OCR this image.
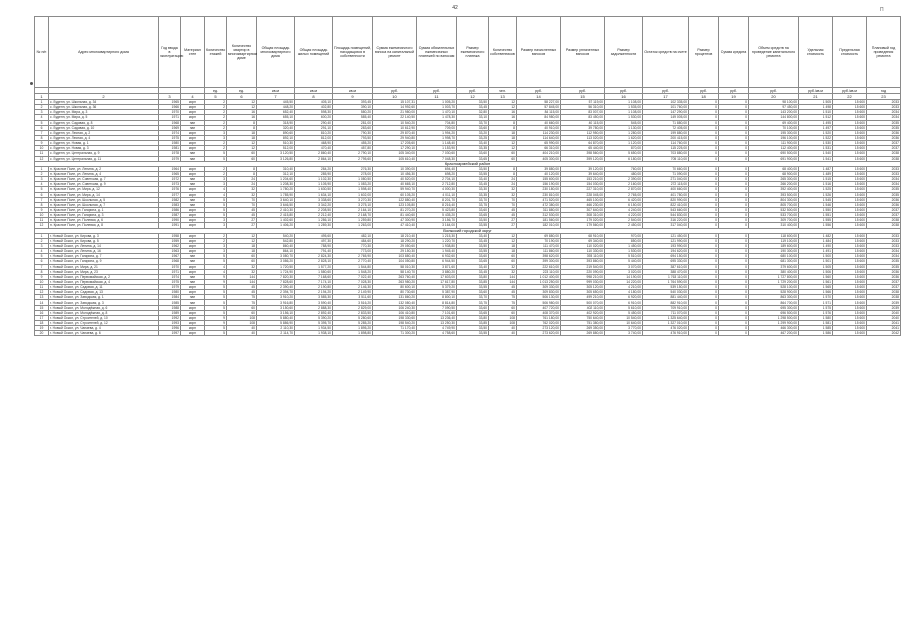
42	П
№ п/п	Адрес многоквартирного дома	Год ввода в эксплуатацию	Материал стен	Количество этажей	Количество квартир в многоквартирном доме	Общая площадь многоквартирного дома	Общая площадь жилых помещений	Площадь помещений, находящихся в собственности	Сумма ежемесячного взноса на капитальный ремонт	Сумма обязательных ежемесячных платежей по взносам	Размер ежемесячного платежа	Количество собственников	Размер начисленных взносов	Размер уплаченных взносов	Размер задолженности	Остаток средств на счете	Размер процентов	Сумма кредита	Объем средств на проведение капитального ремонта	Удельная стоимость	Предельная стоимость	Плановый год проведения ремонта
				ед.	ед.	кв.м	кв.м	кв.м	руб.	руб.	руб.	чел.	руб.	руб.	руб.	руб.	руб.	руб.	руб.	руб./кв.м	руб./кв.м	год
1	2	3	4	5	6	7	8	9	10	11	12	13	14	15	16	17	18	19	20	21	22	23
1	с. Буденн, ул. Школьная, д. 34	1965	кирп	2	12	445,50	405,10	393,45	15 107,31	1 005,20	33,50	12	58 227,00	57 119,00	1 108,00	102 335,00	0	0	98 100,00	1 505	15 600	2033
2	с. Буденн, ул. Школьная, д. 36	1966	кирп	2	12	448,20	402,80	390,10	14 992,60	1 003,70	33,45	12	57 845,00	56 310,00	1 535,00	101 760,00	0	0	97 450,00	1 498	15 600	2033
3	с. Буденн, ул. Мира, д. 3	1970	кирп	2	16	652,40	598,30	580,20	21 980,00	1 470,10	32,80	16	84 115,00	83 007,00	1 108,00	147 290,00	0	0	143 200,00	1 510	15 600	2034
4	с. Буденн, ул. Мира, д. 5	1971	кирп	2	16	655,10	600,20	585,40	22 140,50	1 478,30	33,10	16	84 980,00	83 450,00	1 530,00	149 005,00	0	0	144 800,00	1 512	15 600	2034
5	с. Буденн, ул. Садовая, д. 8	1968	пан	2	8	318,90	290,40	281,00	10 540,20	704,80	33,70	8	40 660,00	40 115,00	545,00	71 880,00	0	0	69 400,00	1 495	15 600	2035
6	с. Буденн, ул. Садовая, д. 10	1969	пан	2	8	320,40	291,10	283,60	10 612,90	709,00	33,60	8	40 910,00	39 780,00	1 130,00	72 405,00	0	0	70 100,00	1 497	15 600	2035
7	с. Буденн, ул. Лесная, д. 2	1974	кирп	3	18	890,60	810,20	790,30	29 870,40	1 994,20	33,20	18	114 230,00	112 950,00	1 280,00	199 880,00	0	0	195 300,00	1 520	15 600	2036
8	с. Буденн, ул. Лесная, д. 4	1975	кирп	3	18	892,10	812,00	793,50	29 940,80	1 998,70	33,25	18	114 640,00	113 020,00	1 620,00	200 415,00	0	0	196 100,00	1 522	15 600	2036
9	с. Буденн, ул. Новая, д. 1	1980	кирп	2	12	510,30	468,90	455,20	17 205,60	1 148,40	33,40	12	65 990,00	64 870,00	1 120,00	114 760,00	0	0	111 900,00	1 530	15 600	2037
10	с. Буденн, ул. Новая, д. 3	1981	кирп	2	12	512,00	470,40	457,80	17 290,10	1 153,90	33,35	12	66 310,00	65 440,00	870,00	115 225,00	0	0	112 400,00	1 531	15 600	2037
11	с. Буденн, ул. Центральная, д. 9	1978	пан	5	60	3 120,50	2 860,40	2 790,10	105 340,00	7 030,60	33,60	60	404 210,00	398 560,00	5 650,00	703 880,00	0	0	690 500,00	1 540	15 600	2038
12	с. Буденн, ул. Центральная, д. 11	1979	пан	5	60	3 126,80	2 864,10	2 795,60	105 610,40	7 048,30	33,65	60	405 300,00	399 120,00	6 180,00	705 110,00	0	0	691 900,00	1 541	15 600	2038
Красноармейский район																						
1	п. Красное Поле, ул. Ленина, д. 2	1964	кирп	2	8	310,40	284,20	276,30	10 390,00	694,40	33,50	8	39 880,00	39 120,00	760,00	70 660,00	0	0	68 400,00	1 487	15 600	2033
2	п. Красное Поле, ул. Ленина, д. 4	1965	кирп	2	8	312,10	285,90	278,00	10 456,30	698,20	33,55	8	40 120,00	39 640,00	480,00	71 090,00	0	0	68 900,00	1 489	15 600	2033
3	п. Красное Поле, ул. Советская, д. 7	1972	пан	3	24	1 204,60	1 102,30	1 080,50	40 520,00	2 704,10	33,40	24	155 600,00	153 210,00	2 390,00	271 040,00	0	0	265 300,00	1 515	15 600	2034
4	п. Красное Поле, ул. Советская, д. 9	1973	пан	3	24	1 208,30	1 105,90	1 083,20	40 665,10	2 712,80	33,45	24	156 190,00	154 030,00	2 160,00	272 115,00	0	0	266 200,00	1 516	15 600	2034
5	п. Красное Поле, ул. Мира, д. 12	1976	кирп	4	32	1 780,20	1 630,50	1 598,40	59 940,70	4 000,30	33,30	32	230 180,00	227 310,00	2 870,00	400 660,00	0	0	392 400,00	1 525	15 600	2035
6	п. Красное Поле, ул. Мира, д. 14	1977	кирп	4	32	1 785,90	1 634,10	1 602,00	60 105,20	4 011,10	33,35	32	230 810,00	228 045,00	2 765,00	401 780,00	0	0	393 500,00	1 526	15 600	2035
7	п. Красное Поле, ул. Школьная, д. 5	1982	пан	5	70	3 640,10	3 338,60	3 270,30	122 880,40	8 201,70	33,70	70	471 520,00	465 100,00	6 420,00	820 990,00	0	0	804 300,00	1 545	15 600	2036
8	п. Красное Поле, ул. Школьная, д. 7	1983	пан	5	70	3 646,50	3 342,20	3 275,10	123 105,80	8 216,40	33,75	70	472 380,00	466 230,00	6 150,00	822 410,00	0	0	805 700,00	1 546	15 600	2036
9	п. Красное Поле, ул. Гагарина, д. 1	1986	кирп	5	45	2 410,30	2 208,50	2 164,10	81 270,20	5 423,80	33,60	45	311 880,00	307 640,00	4 240,00	543 660,00	0	0	532 500,00	1 550	15 600	2037
10	п. Красное Поле, ул. Гагарина, д. 3	1987	кирп	5	45	2 415,80	2 212,40	2 168,70	81 440,60	5 435,20	33,65	45	312 530,00	308 310,00	4 220,00	544 830,00	0	0	533 700,00	1 551	15 600	2037
11	п. Красное Поле, ул. Полевая, д. 6	1990	кирп	3	27	1 402,60	1 286,10	1 259,80	47 300,90	3 156,70	33,50	27	181 560,00	179 020,00	2 540,00	316 220,00	0	0	309 700,00	1 555	15 600	2038
12	п. Красное Поле, ул. Полевая, д. 8	1991	кирп	3	27	1 406,20	1 289,30	1 263,00	47 410,40	3 164,00	33,55	27	182 010,00	179 560,00	2 450,00	317 040,00	0	0	310 400,00	1 556	15 600	2038
Волжский городской округ																						
1	г. Новый Оскол, ул. Кирова, д. 3	1958	кирп	2	12	540,20	495,60	482,10	18 210,40	1 215,30	33,40	12	69 880,00	68 910,00	970,00	121 450,00	0	0	118 600,00	1 482	15 600	2033
2	г. Новый Оскол, ул. Кирова, д. 5	1959	кирп	2	12	542,80	497,30	484,60	18 290,20	1 220,70	33,45	12	70 190,00	69 340,00	850,00	121 990,00	0	0	119 100,00	1 484	15 600	2033
3	г. Новый Оскол, ул. Ленина, д. 14	1962	кирп	3	18	860,40	788,90	770,30	29 050,60	1 938,80	33,50	18	111 470,00	110 020,00	1 450,00	193 990,00	0	0	189 600,00	1 490	15 600	2033
4	г. Новый Оскол, ул. Ленина, д. 16	1963	кирп	3	18	864,10	791,40	773,00	29 150,30	1 945,40	33,55	18	111 860,00	110 330,00	1 530,00	194 620,00	0	0	190 300,00	1 491	15 600	2034
5	г. Новый Оскол, ул. Гагарина, д. 7	1967	пан	5	60	3 080,70	2 824,30	2 765,90	103 880,40	6 932,60	33,60	60	398 620,00	393 110,00	5 510,00	694 150,00	0	0	680 100,00	1 500	15 600	2034
6	г. Новый Оскол, ул. Гагарина, д. 9	1968	пан	5	60	3 086,20	2 828,10	2 770,40	104 050,80	6 944,50	33,65	60	399 300,00	393 860,00	5 440,00	695 330,00	0	0	681 300,00	1 501	15 600	2035
7	г. Новый Оскол, ул. Мира, д. 21	1970	кирп	4	32	1 720,50	1 577,20	1 544,80	58 010,30	3 871,60	33,40	32	222 610,00	219 540,00	3 070,00	387 610,00	0	0	379 600,00	1 505	15 600	2035
8	г. Новый Оскол, ул. Мира, д. 23	1971	кирп	4	32	1 724,90	1 580,60	1 548,20	58 140,70	3 880,20	33,45	32	223 110,00	220 090,00	3 020,00	388 470,00	0	0	380 400,00	1 506	15 600	2036
9	г. Новый Оскол, ул. Первомайская, д. 2	1974	пан	9	144	7 820,30	7 168,60	7 022,40	263 760,40	17 603,00	33,80	144	1 012 400,00	998 210,00	14 190,00	1 763 110,00	0	0	1 727 800,00	1 560	15 600	2036
10	г. Новый Оскол, ул. Первомайская, д. 4	1975	пан	9	144	7 828,60	7 174,10	7 028,30	263 980,20	17 617,80	33,85	144	1 013 250,00	999 030,00	14 220,00	1 764 590,00	0	0	1 729 200,00	1 561	15 600	2037
11	г. Новый Оскол, ул. Садовая, д. 11	1979	кирп	5	45	2 390,40	2 190,80	2 146,30	80 600,10	5 379,20	33,55	45	309 330,00	305 120,00	4 210,00	539 150,00	0	0	528 100,00	1 565	15 600	2037
12	г. Новый Оскол, ул. Садовая, д. 13	1980	кирп	5	45	2 394,70	2 194,20	2 149,90	80 730,60	5 387,90	33,60	45	309 830,00	305 650,00	4 180,00	540 030,00	0	0	528 900,00	1 566	15 600	2038
13	г. Новый Оскол, ул. Заводская, д. 1	1984	пан	5	75	3 910,20	3 585,30	3 511,60	131 860,20	8 800,10	33,70	75	506 130,00	499 210,00	6 920,00	881 440,00	0	0	863 300,00	1 570	15 600	2038
14	г. Новый Оскол, ул. Заводская, д. 3	1985	пан	5	75	3 916,80	3 590,40	3 516,20	132 080,40	8 814,80	33,75	75	506 980,00	500 070,00	6 910,00	882 910,00	0	0	864 700,00	1 571	15 600	2039
15	г. Новый Оскол, ул. Молодёжная, д. 6	1988	кирп	5	60	3 150,60	2 888,30	2 829,00	106 240,30	7 090,50	33,60	60	407 720,00	402 110,00	5 610,00	709 910,00	0	0	695 300,00	1 575	15 600	2039
16	г. Новый Оскол, ул. Молодёжная, д. 8	1989	кирп	5	60	3 156,10	2 892,40	2 833,50	106 410,80	7 101,60	33,65	60	408 370,00	402 920,00	5 450,00	711 070,00	0	0	696 500,00	1 576	15 600	2040
17	г. Новый Оскол, ул. Строителей, д. 10	1992	кирп	9	108	5 880,40	5 390,20	5 280,60	198 330,60	13 236,40	33,80	108	761 180,00	750 640,00	10 540,00	1 325 640,00	0	0	1 298 500,00	1 580	15 600	2040
18	г. Новый Оскол, ул. Строителей, д. 12	1993	кирп	9	108	5 886,90	5 395,70	5 285,20	198 540,20	13 250,30	33,85	108	762 020,00	751 380,00	10 640,00	1 327 010,00	0	0	1 299 900,00	1 581	15 600	2041
19	г. Новый Оскол, ул. Чапаева, д. 4	1996	кирп	5	40	2 110,30	1 934,50	1 895,20	71 170,40	4 749,90	33,50	40	273 120,00	269 350,00	3 770,00	476 020,00	0	0	466 300,00	1 585	15 600	2041
20	г. Новый Оскол, ул. Чапаева, д. 6	1997	кирп	5	40	2 114,70	1 938,10	1 898,80	71 300,20	4 758,60	33,55	40	273 620,00	269 880,00	3 740,00	476 910,00	0	0	467 200,00	1 586	15 600	2042
